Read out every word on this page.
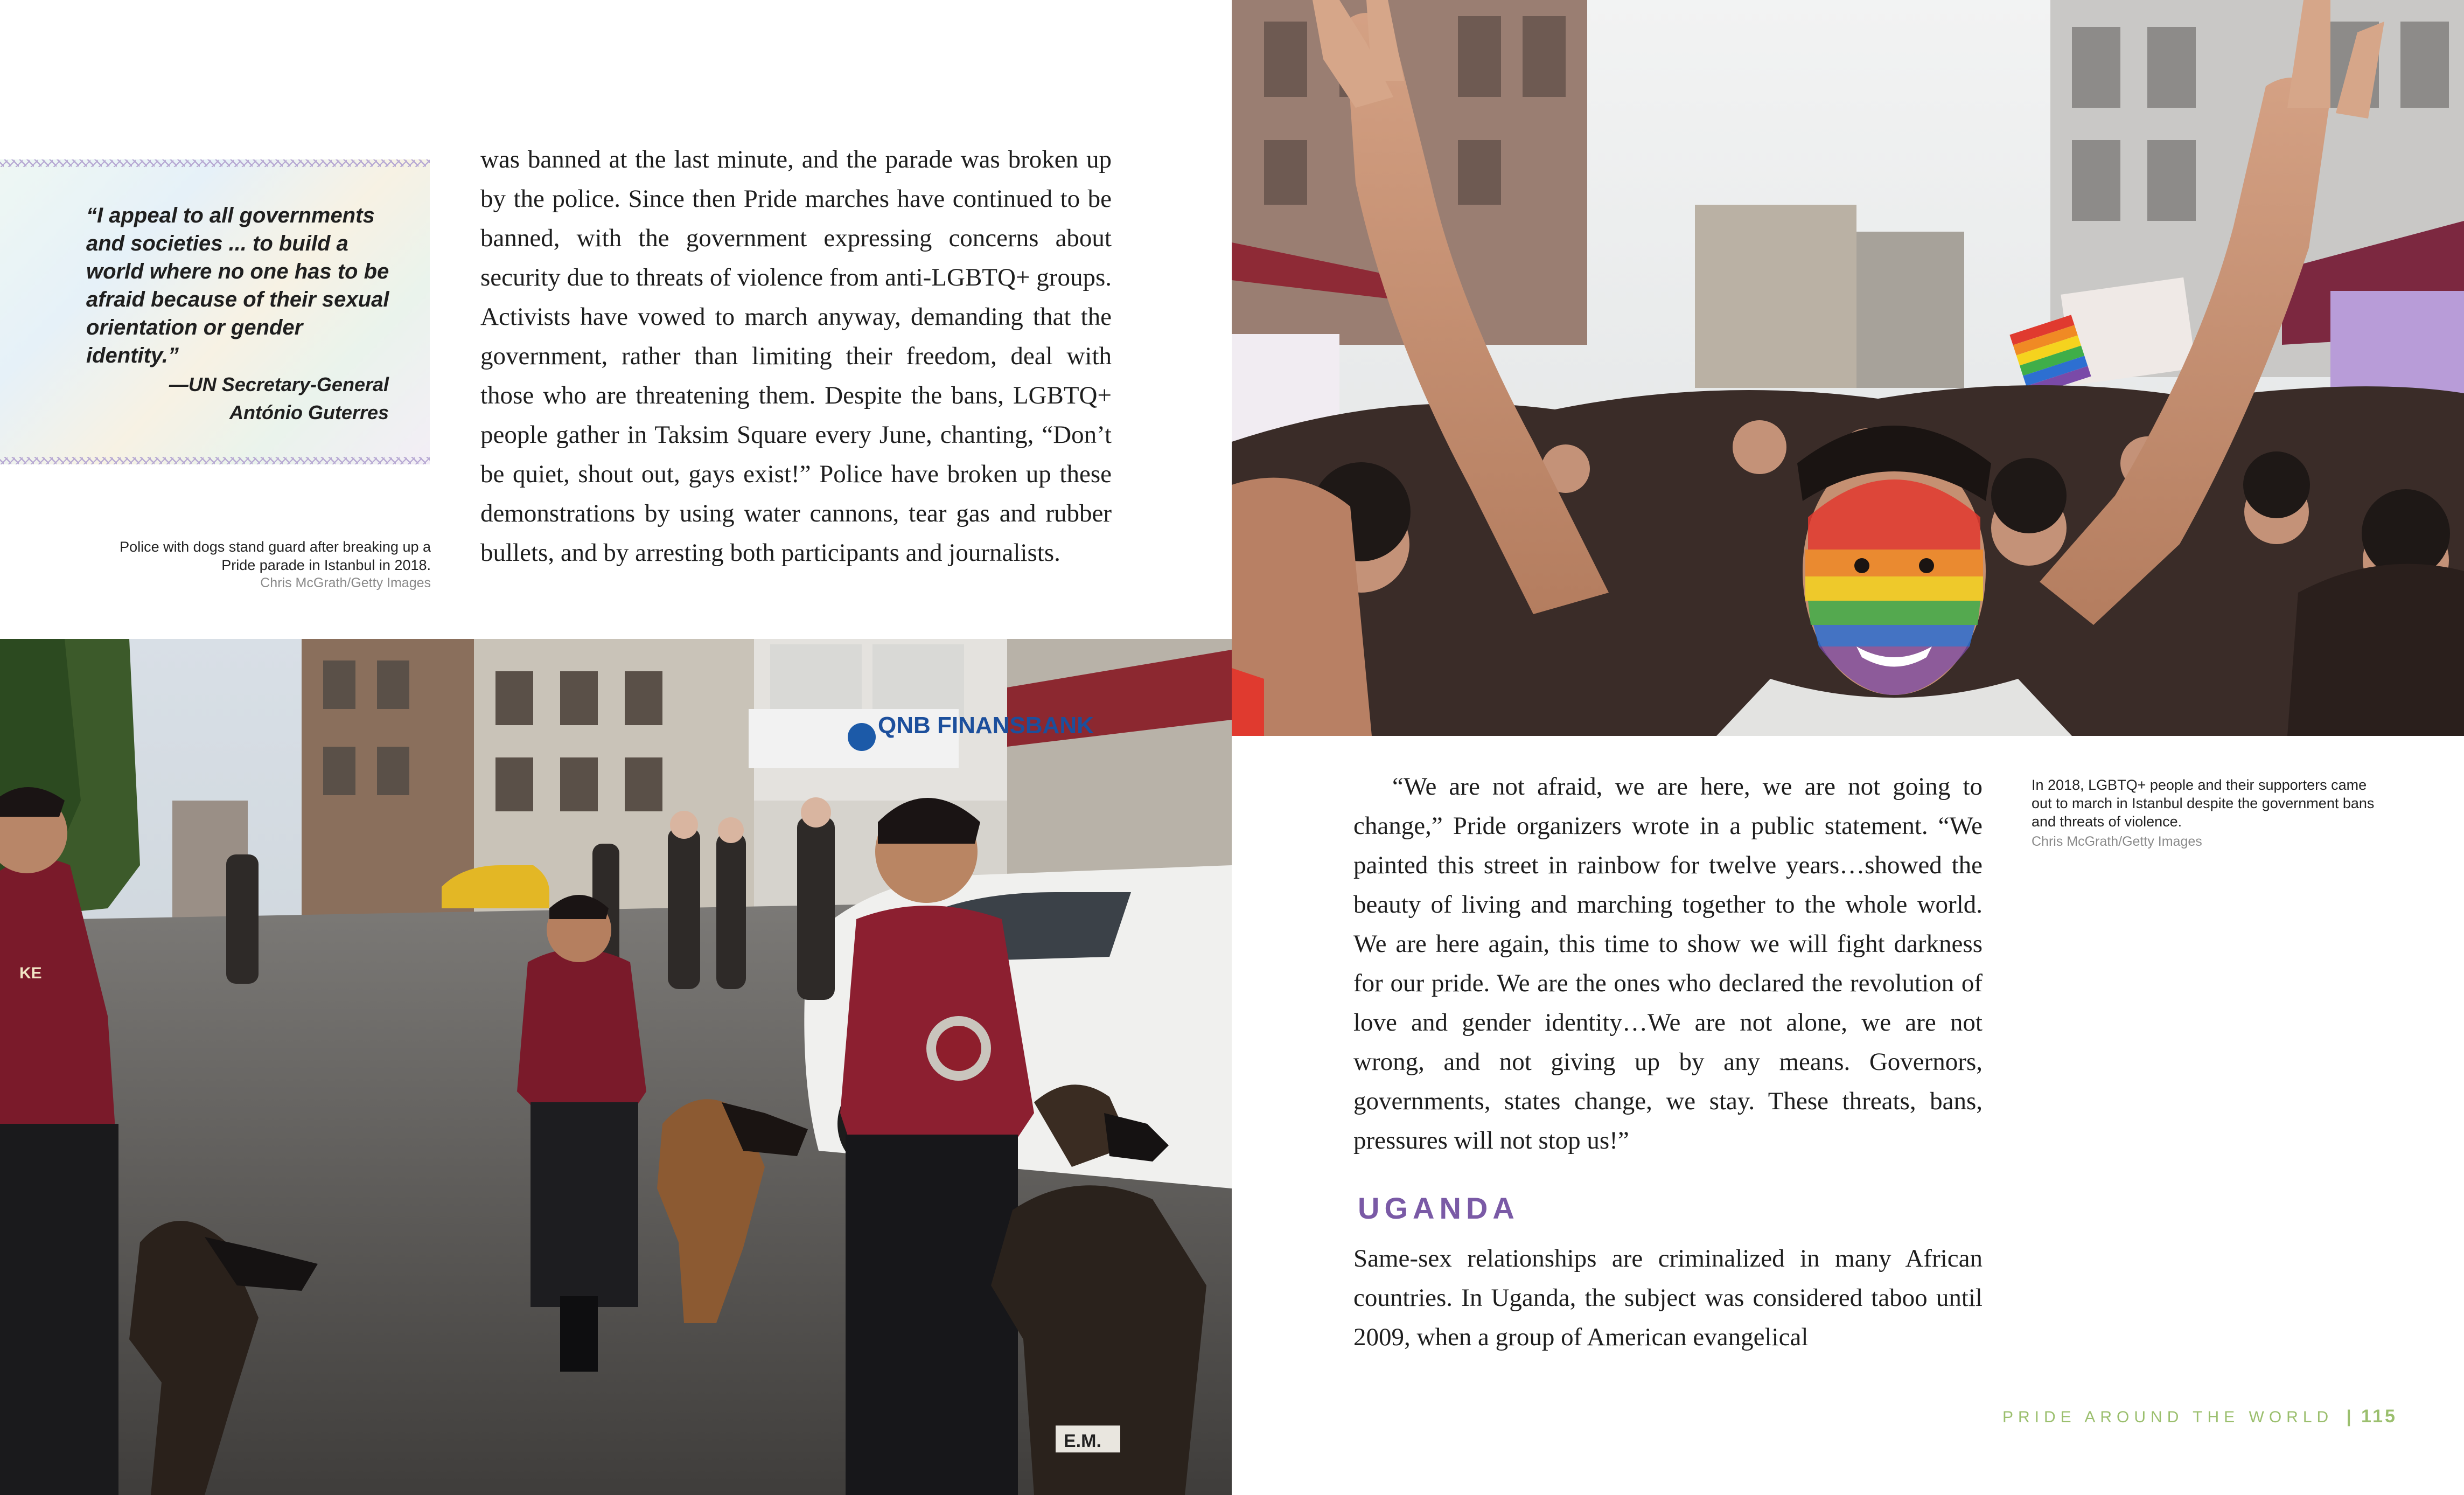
“I appeal to all governments and societies ... to build a world where no one has to be afraid because of their sexual orientation or gender identity.”

—UN Secretary-General
António Guterres
Police with dogs stand guard after breaking up a
Pride parade in Istanbul in 2018.
Chris McGrath/Getty Images

was banned at the last minute, and the parade was broken up by the police. Since then Pride marches have continued to be banned, with the government expressing concerns about security due to threats of violence from anti-LGBTQ+ groups. Activists have vowed to march anyway, demanding that the government, rather than limiting their freedom, deal with those who are threatening them. Despite the bans, LGBTQ+ people gather in Taksim Square every June, chanting, “Don’t be quiet, shout out, gays exist!” Police have broken up these demonstrations by using water cannons, tear gas and rubber bullets, and by arresting both participants and journalists.

QNB FINANSBANK
E.M.
KE
In 2018, LGBTQ+ people and their supporters came out to march in Istanbul despite the government bans and threats of violence.
Chris McGrath/Getty Images

“We are not afraid, we are here, we are not going to change,” Pride organizers wrote in a public statement. “We painted this street in rainbow for twelve years…showed the beauty of living and marching together to the whole world. We are here again, this time to show we will fight darkness for our pride. We are the ones who declared the revolution of love and gender identity…We are not alone, we are not wrong, and not giving up by any means. Governors, governments, states change, we stay. These threats, bans, pressures will not stop us!”

UGANDA

Same-sex relationships are criminalized in many African countries. In Uganda, the subject was considered taboo until 2009, when a group of American evangelical

PRIDE AROUND THE WORLD | 115
